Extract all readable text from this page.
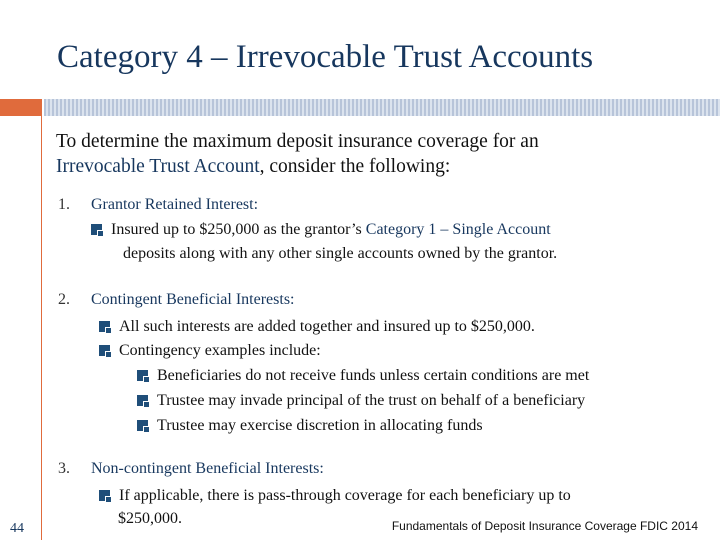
Category 4 – Irrevocable Trust Accounts
To determine the maximum deposit insurance coverage for an
Irrevocable Trust Account, consider the following:
1. Grantor Retained Interest:
Insured up to $250,000 as the grantor’s Category 1 – Single Account
deposits along with any other single accounts owned by the grantor.
2. Contingent Beneficial Interests:
All such interests are added together and insured up to $250,000.
Contingency examples include:
Beneficiaries do not receive funds unless certain conditions are met
Trustee may invade principal of the trust on behalf of a beneficiary
Trustee may exercise discretion in allocating funds
3. Non-contingent Beneficial Interests:
If applicable, there is pass-through coverage for each beneficiary up to
$250,000.
44	Fundamentals of Deposit Insurance Coverage FDIC 2014
